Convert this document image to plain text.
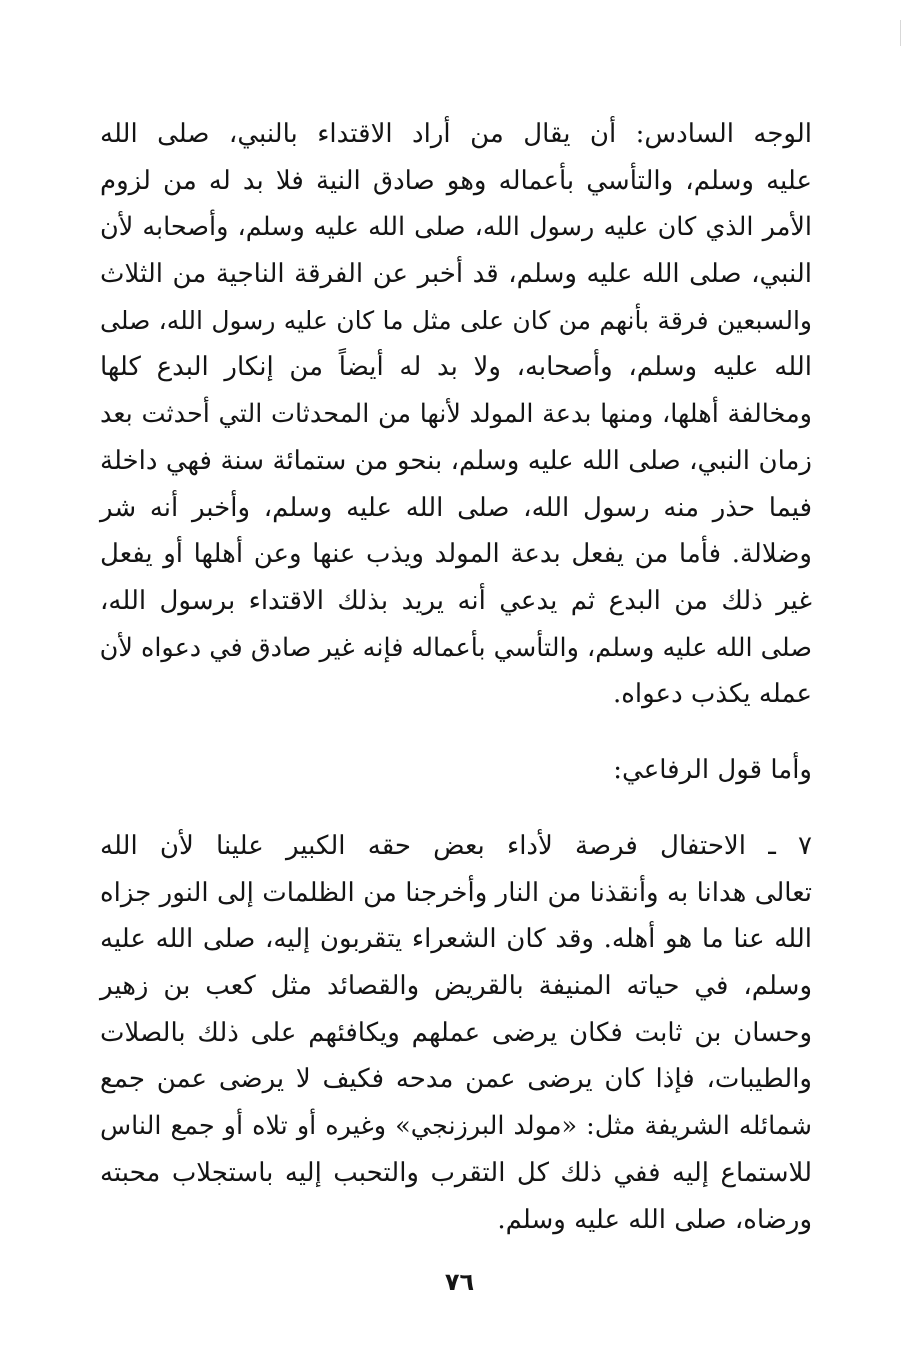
الوجه السادس: أن يقال من أراد الاقتداء بالنبي، صلى الله
عليه وسلم، والتأسي بأعماله وهو صادق النية فلا بد له من لزوم
الأمر الذي كان عليه رسول الله، صلى الله عليه وسلم، وأصحابه لأن
النبي، صلى الله عليه وسلم، قد أخبر عن الفرقة الناجية من الثلاث
والسبعين فرقة بأنهم من كان على مثل ما كان عليه رسول الله، صلى
الله عليه وسلم، وأصحابه، ولا بد له أيضاً من إنكار البدع كلها
ومخالفة أهلها، ومنها بدعة المولد لأنها من المحدثات التي أحدثت بعد
زمان النبي، صلى الله عليه وسلم، بنحو من ستمائة سنة فهي داخلة
فيما حذر منه رسول الله، صلى الله عليه وسلم، وأخبر أنه شر
وضلالة. فأما من يفعل بدعة المولد ويذب عنها وعن أهلها أو يفعل
غير ذلك من البدع ثم يدعي أنه يريد بذلك الاقتداء برسول الله،
صلى الله عليه وسلم، والتأسي بأعماله فإنه غير صادق في دعواه لأن
عمله يكذب دعواه.
وأما قول الرفاعي:
٧ ـ الاحتفال فرصة لأداء بعض حقه الكبير علينا لأن الله
تعالى هدانا به وأنقذنا من النار وأخرجنا من الظلمات إلى النور جزاه
الله عنا ما هو أهله. وقد كان الشعراء يتقربون إليه، صلى الله عليه
وسلم، في حياته المنيفة بالقريض والقصائد مثل كعب بن زهير
وحسان بن ثابت فكان يرضى عملهم ويكافئهم على ذلك بالصلات
والطيبات، فإذا كان يرضى عمن مدحه فكيف لا يرضى عمن جمع
شمائله الشريفة مثل: «مولد البرزنجي» وغيره أو تلاه أو جمع الناس
للاستماع إليه ففي ذلك كل التقرب والتحبب إليه باستجلاب محبته
ورضاه، صلى الله عليه وسلم.
٧٦
